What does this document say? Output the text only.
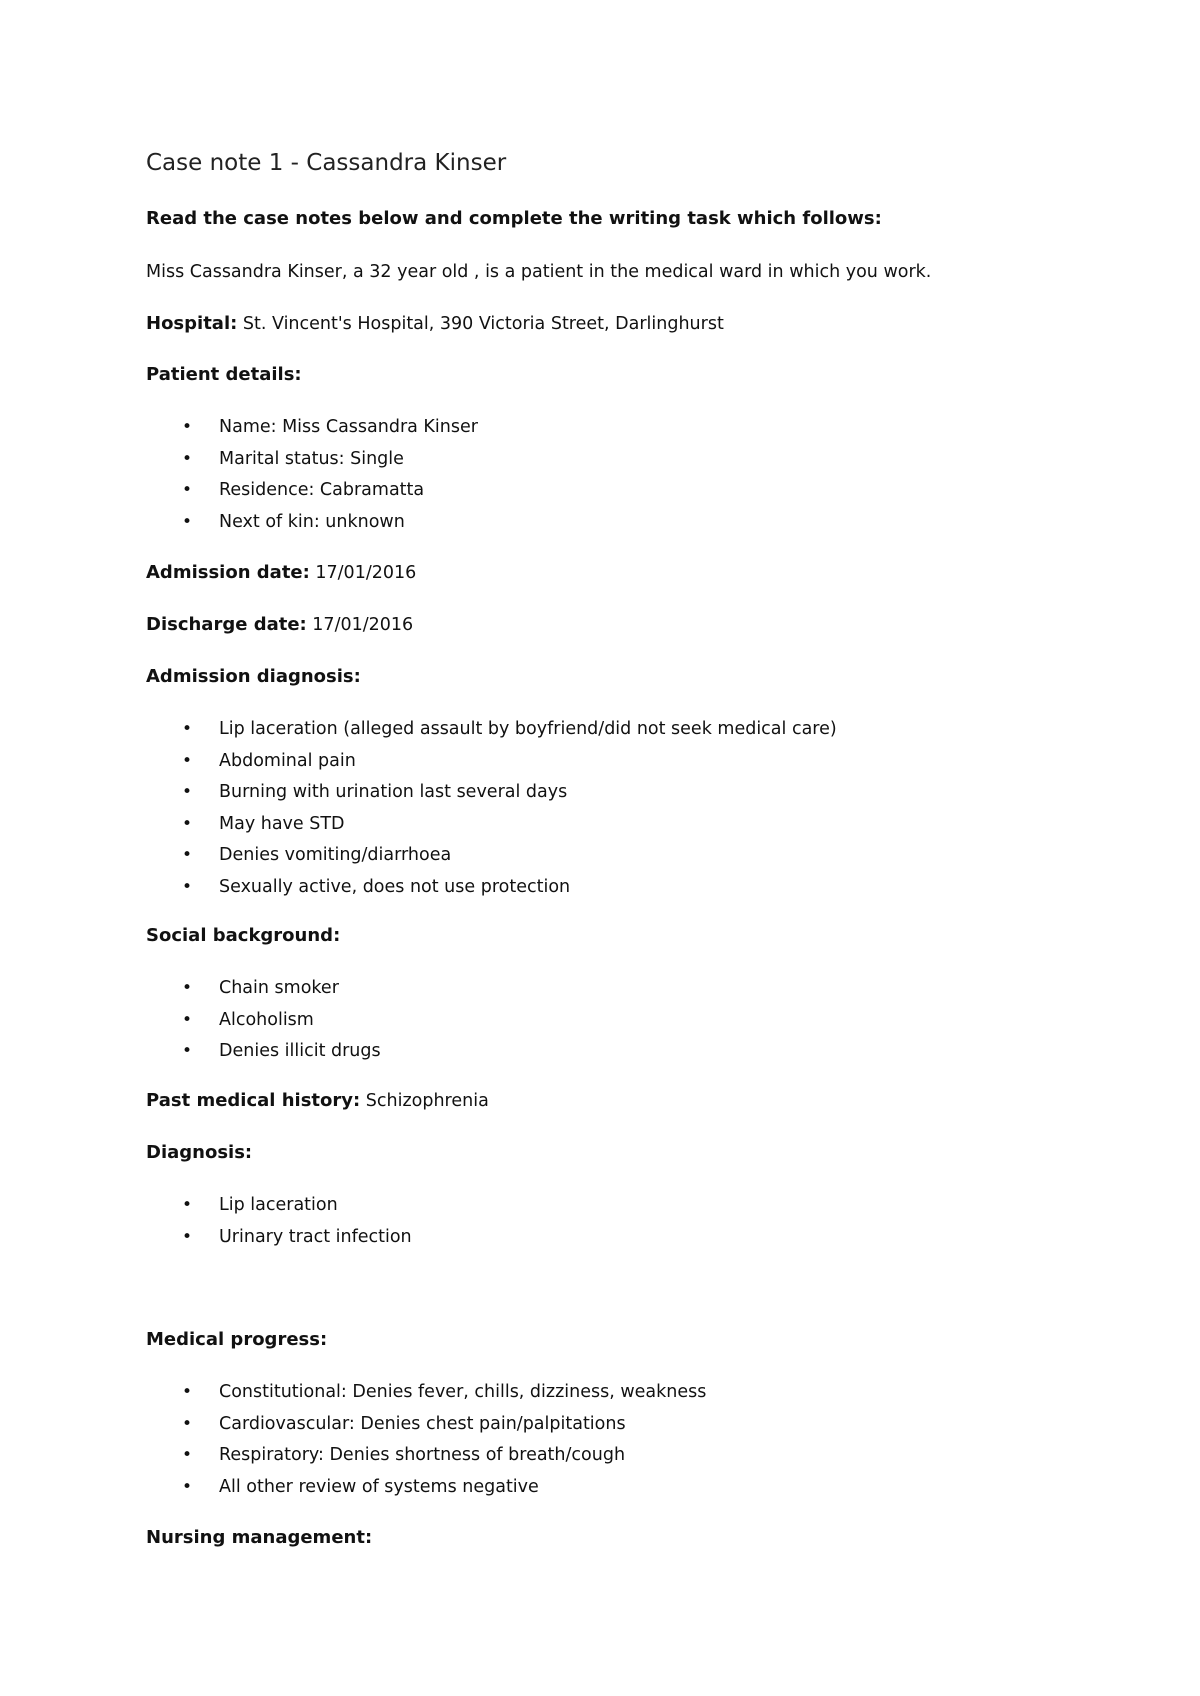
Case note 1 - Cassandra Kinser

Read the case notes below and complete the writing task which follows:

Miss Cassandra Kinser, a 32 year old , is a patient in the medical ward in which you work.

Hospital: St. Vincent's Hospital, 390 Victoria Street, Darlinghurst

Patient details:

• Name: Miss Cassandra Kinser
• Marital status: Single
• Residence: Cabramatta
• Next of kin: unknown

Admission date: 17/01/2016

Discharge date: 17/01/2016

Admission diagnosis:

• Lip laceration (alleged assault by boyfriend/did not seek medical care)
• Abdominal pain
• Burning with urination last several days
• May have STD
• Denies vomiting/diarrhoea
• Sexually active, does not use protection

Social background:

• Chain smoker
• Alcoholism
• Denies illicit drugs

Past medical history: Schizophrenia

Diagnosis:

• Lip laceration
• Urinary tract infection

Medical progress:

• Constitutional: Denies fever, chills, dizziness, weakness
• Cardiovascular: Denies chest pain/palpitations
• Respiratory: Denies shortness of breath/cough
• All other review of systems negative

Nursing management:
